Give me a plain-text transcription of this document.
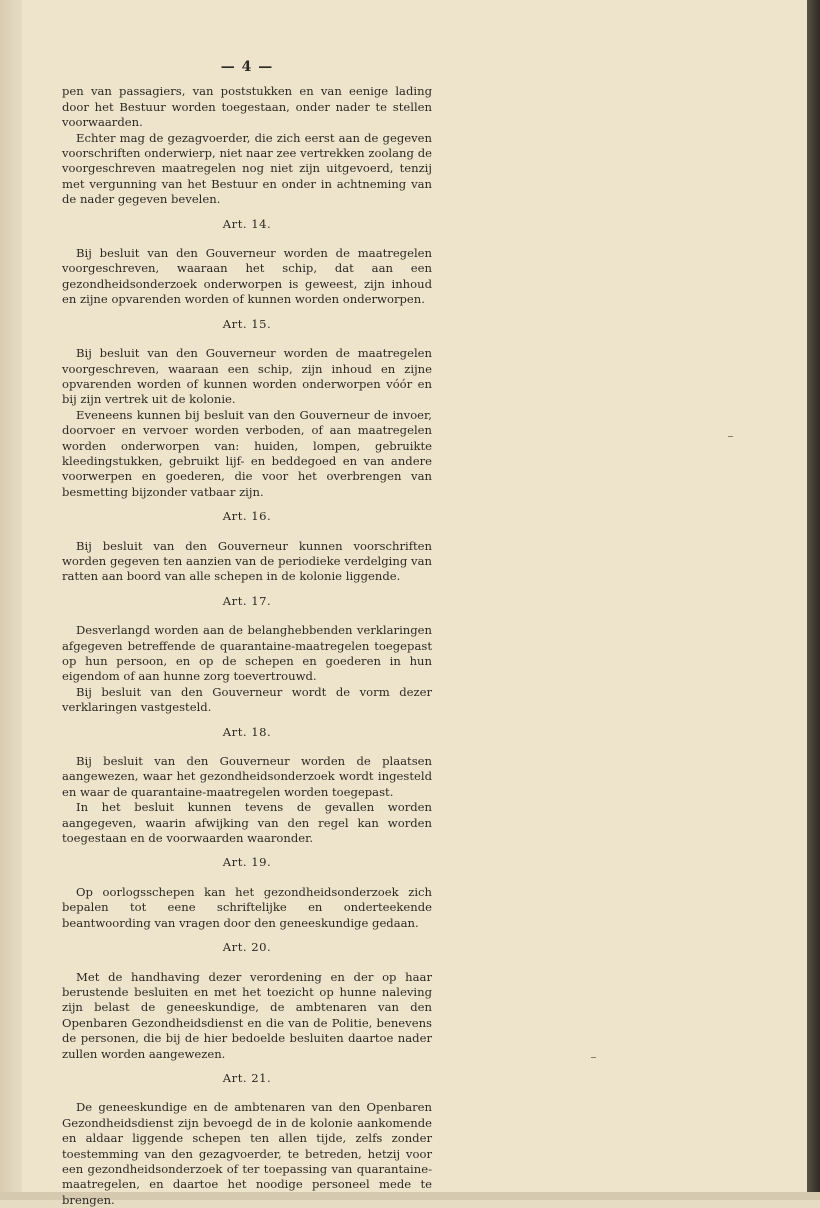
— 4 —

pen van passagiers, van poststukken en van eenige lading door het Bestuur worden toegestaan, onder nader te stellen voorwaarden.

Echter mag de gezagvoerder, die zich eerst aan de gegeven voorschriften onderwierp, niet naar zee vertrekken zoolang de voorgeschreven maatregelen nog niet zijn uitgevoerd, tenzij met vergunning van het Bestuur en onder in achtneming van de nader gegeven bevelen.

Art. 14.

Bij besluit van den Gouverneur worden de maatregelen voorgeschreven, waaraan het schip, dat aan een gezondheidsonderzoek onderworpen is geweest, zijn inhoud en zijne opvarenden worden of kunnen worden onderworpen.

Art. 15.

Bij besluit van den Gouverneur worden de maatregelen voorgeschreven, waaraan een schip, zijn inhoud en zijne opvarenden worden of kunnen worden onderworpen vóór en bij zijn vertrek uit de kolonie.

Eveneens kunnen bij besluit van den Gouverneur de invoer, doorvoer en vervoer worden verboden, of aan maatregelen worden onderworpen van: huiden, lompen, gebruikte kleedingstukken, gebruikt lijf- en beddegoed en van andere voorwerpen en goederen, die voor het overbrengen van besmetting bijzonder vatbaar zijn.

Art. 16.

Bij besluit van den Gouverneur kunnen voorschriften worden gegeven ten aanzien van de periodieke verdelging van ratten aan boord van alle schepen in de kolonie liggende.

Art. 17.

Desverlangd worden aan de belanghebbenden verklaringen afgegeven betreffende de quarantaine-maatregelen toegepast op hun persoon, en op de schepen en goederen in hun eigendom of aan hunne zorg toevertrouwd.

Bij besluit van den Gouverneur wordt de vorm dezer verklaringen vastgesteld.

Art. 18.

Bij besluit van den Gouverneur worden de plaatsen aangewezen, waar het gezondheidsonderzoek wordt ingesteld en waar de quarantaine-maatregelen worden toegepast.

In het besluit kunnen tevens de gevallen worden aangegeven, waarin afwijking van den regel kan worden toegestaan en de voorwaarden waaronder.

Art. 19.

Op oorlogsschepen kan het gezondheidsonderzoek zich bepalen tot eene schriftelijke en onderteekende beantwoording van vragen door den geneeskundige gedaan.

Art. 20.

Met de handhaving dezer verordening en der op haar berustende besluiten en met het toezicht op hunne naleving zijn belast de geneeskundige, de ambtenaren van den Openbaren Gezondheidsdienst en die van de Politie, benevens de personen, die bij de hier bedoelde besluiten daartoe nader zullen worden aangewezen.

Art. 21.

De geneeskundige en de ambtenaren van den Openbaren Gezondheidsdienst zijn bevoegd de in de kolonie aankomende en aldaar liggende schepen ten allen tijde, zelfs zonder toestemming van den gezagvoerder, te betreden, hetzij voor een gezondheidsonderzoek of ter toepassing van quarantaine-maatregelen, en daartoe het noodige personeel mede te brengen.
